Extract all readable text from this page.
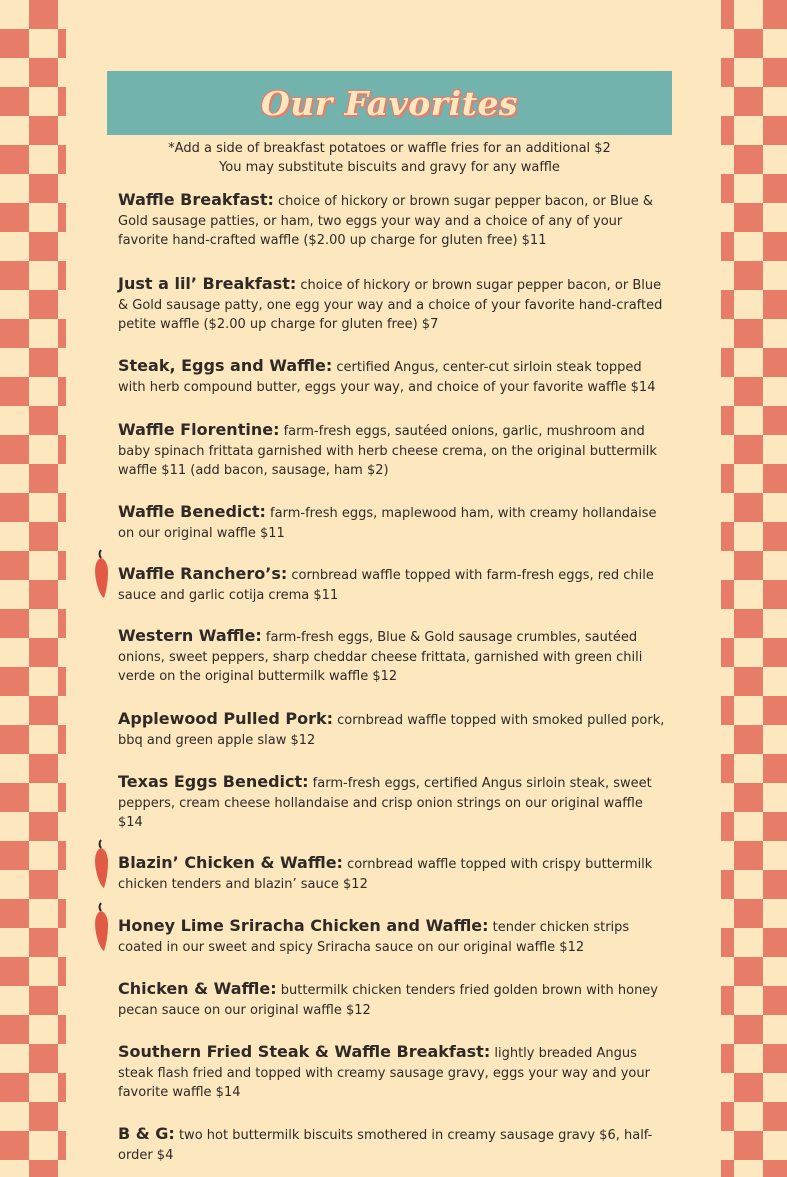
Our Favorites
*Add a side of breakfast potatoes or waffle fries for an additional $2
You may substitute biscuits and gravy for any waffle
Waffle Breakfast: choice of hickory or brown sugar pepper bacon, or Blue & Gold sausage patties, or ham, two eggs your way and a choice of any of your favorite hand-crafted waffle ($2.00 up charge for gluten free) $11
Just a lil’ Breakfast: choice of hickory or brown sugar pepper bacon, or Blue & Gold sausage patty, one egg your way and a choice of your favorite hand-crafted petite waffle ($2.00 up charge for gluten free) $7
Steak, Eggs and Waffle: certified Angus, center-cut sirloin steak topped with herb compound butter, eggs your way, and choice of your favorite waffle $14
Waffle Florentine: farm-fresh eggs, sautéed onions, garlic, mushroom and baby spinach frittata garnished with herb cheese crema, on the original buttermilk waffle $11 (add bacon, sausage, ham $2)
Waffle Benedict: farm-fresh eggs, maplewood ham, with creamy hollandaise on our original waffle $11
Waffle Ranchero’s: cornbread waffle topped with farm-fresh eggs, red chile sauce and garlic cotija crema $11
Western Waffle: farm-fresh eggs, Blue & Gold sausage crumbles, sautéed onions, sweet peppers, sharp cheddar cheese frittata, garnished with green chili verde on the original buttermilk waffle $12
Applewood Pulled Pork: cornbread waffle topped with smoked pulled pork, bbq and green apple slaw $12
Texas Eggs Benedict: farm-fresh eggs, certified Angus sirloin steak, sweet peppers, cream cheese hollandaise and crisp onion strings on our original waffle $14
Blazin’ Chicken & Waffle: cornbread waffle topped with crispy buttermilk chicken tenders and blazin’ sauce $12
Honey Lime Sriracha Chicken and Waffle: tender chicken strips coated in our sweet and spicy Sriracha sauce on our original waffle $12
Chicken & Waffle: buttermilk chicken tenders fried golden brown with honey pecan sauce on our original waffle $12
Southern Fried Steak & Waffle Breakfast: lightly breaded Angus steak flash fried and topped with creamy sausage gravy, eggs your way and your favorite waffle $14
B & G: two hot buttermilk biscuits smothered in creamy sausage gravy $6, half-order $4
